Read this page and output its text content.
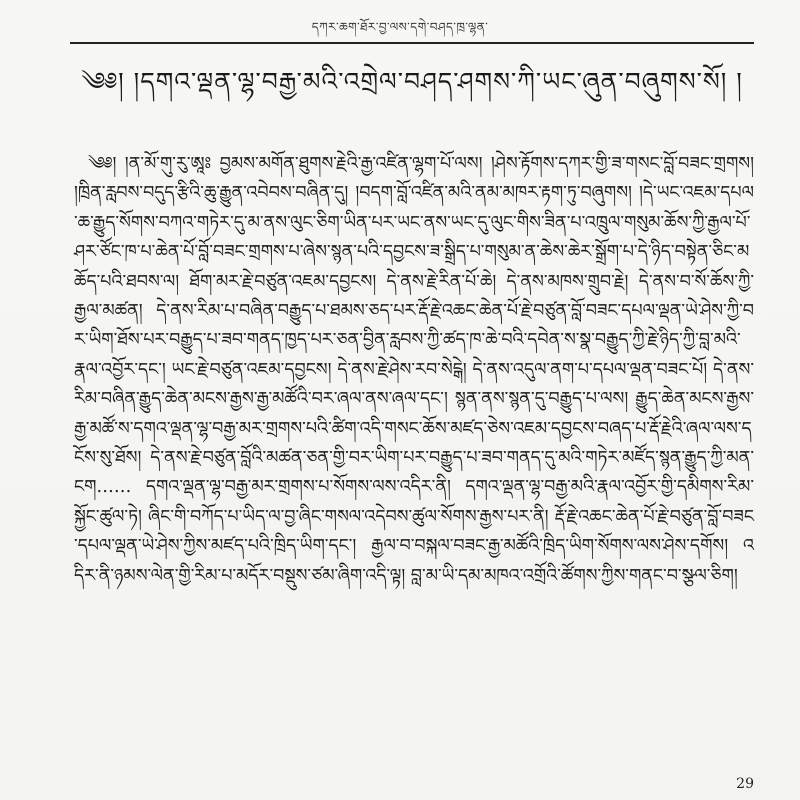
དཀར་ཆག་ཐོར་བྱ་ལས་དགེ་བཤད་ཁྲ་ལྷན་
༄༅། །དགའ་ལྡན་ལྷ་བརྒྱ་མའི་འགྲེལ་བཤད་ཤགས་ཀི་ཡང་ཞུན་བཞུགས་སོ། །

༄༅། །ན་མོ་གུ་རུ་ཨཱཿ བྱམས་མགོན་ཐུགས་རྗེའི་རྒྱ་འཛིན་ལྷག་པོ་ལས། །ཤེས་རྟོགས་དཀར་གྱི་ཟ་གསང་བློ་བཟང་གྲགས། །ཁྲིན་རླབས་བདུད་རྩིའི་ཆུ་རྒྱུན་འབེབས་བཞིན་དུ། །བདག་བློ་འཛིན་མའི་ནམ་མཁར་རྟག་ཏུ་བཞུགས། །དེ་ཡང་འཇམ་དཔལ་ཆ་རྒྱུད་སོགས་བཀའ་གཏེར་དུ་མ་ནས་ལུང་ཅིག་ཡིན་པར་ཡང་ནས་ཡང་དུ་ལུང་གིས་ཟིན་པ་འཁྲུལ་གསུམ་ཆོས་ཀྱི་རྒྱལ་པོ་ཤར་ཙོང་ཁ་པ་ཆེན་པོ་བློ་བཟང་གྲགས་པ་ཞེས་སྙན་པའི་དབྱངས་ཟ་སྒྲིད་པ་གསུམ་ན་ཆེས་ཆེར་སྒྲོག་པ་དེ་ཉིད་བསྟེན་ཅིང་མཆོད་པའི་ཐབས་ལ། ཐོག་མར་རྗེ་བཙུན་འཇམ་དབྱངས། དེ་ནས་རྗེ་རིན་པོ་ཆེ། དེ་ནས་མཁས་གྲུབ་རྗེ། དེ་ནས་བ་སོ་ཆོས་ཀྱི་རྒྱལ་མཚན། དེ་ནས་རིམ་པ་བཞིན་བརྒྱུད་པ་ཐམས་ཅད་པར་རྡོ་རྗེ་འཆང་ཆེན་པོ་རྗེ་བཙུན་བློ་བཟང་དཔལ་ལྡན་ཡེ་ཤེས་ཀྱི་བར་ཡིག་ཐོས་པར་བརྒྱུད་པ་ཟབ་གནད་ཁྱད་པར་ཅན་བྱིན་རླབས་ཀྱི་ཚད་ཁ་ཆེ་བའི་དབེན་ས་སྣ་བརྒྱུད་ཀྱི་རྗེ་ཉིད་ཀྱི་བླ་མའི་རྣལ་འབྱོར་དང་། ཡང་རྗེ་བཙུན་འཇམ་དབྱངས། དེ་ནས་རྗེ་ཤེས་རབ་སེངྒེ། དེ་ནས་འདུལ་ནག་པ་དཔལ་ལྡན་བཟང་པོ། དེ་ནས་རིམ་བཞིན་རྒྱུད་ཆེན་མངས་རྒྱས་རྒྱ་མཚོའི་བར་ཞལ་ནས་ཞལ་དང་། སྙན་ནས་སྙན་དུ་བརྒྱུད་པ་ལས། རྒྱུད་ཆེན་མངས་རྒྱས་རྒྱ་མཚོ་ས་དགའ་ལྡན་ལྷ་བརྒྱ་མར་གྲགས་པའི་ཚིག་འདི་གསང་ཆོས་མཛད་ཅེས་འཇམ་དབྱངས་བཞད་པ་རྡོ་རྗེའི་ཞལ་ལས་དངོས་སུ་ཐོས། དེ་ནས་རྗེ་བཙུན་བློའི་མཚན་ཅན་གྱི་བར་ཡིག་པར་བརྒྱུད་པ་ཟབ་གནད་དུ་མའི་གཏེར་མཛོད་སྙན་རྒྱུད་ཀྱི་མན་ངག…… དགའ་ལྡན་ལྷ་བརྒྱ་མར་གྲགས་པ་སོགས་ལས་འདིར་ནི། དགའ་ལྡན་ལྷ་བརྒྱ་མའི་རྣལ་འབྱོར་གྱི་དམིགས་རིམ་སྐྱོང་ཚུལ་ཏེ། ཞིང་གི་བཀོད་པ་ཡིད་ལ་བྱ་ཞིང་གསལ་འདེབས་ཚུལ་སོགས་རྒྱས་པར་ནི། རྡོ་རྗེ་འཆང་ཆེན་པོ་རྗེ་བཙུན་བློ་བཟང་དཔལ་ལྡན་ཡེ་ཤེས་ཀྱིས་མཛད་པའི་ཁྲིད་ཡིག་དང་། རྒྱལ་བ་བསྐལ་བཟང་རྒྱ་མཚོའི་ཁྲིད་ཡིག་སོགས་ལས་ཤེས་དགོས། འདིར་ནི་ཉམས་ལེན་གྱི་རིམ་པ་མདོར་བསྡུས་ཙམ་ཞིག་འདི་ལྟ། བླ་མ་ཡི་དམ་མཁའ་འགྲོའི་ཚོགས་ཀྱིས་གནང་བ་སྩལ་ཅིག།

29
